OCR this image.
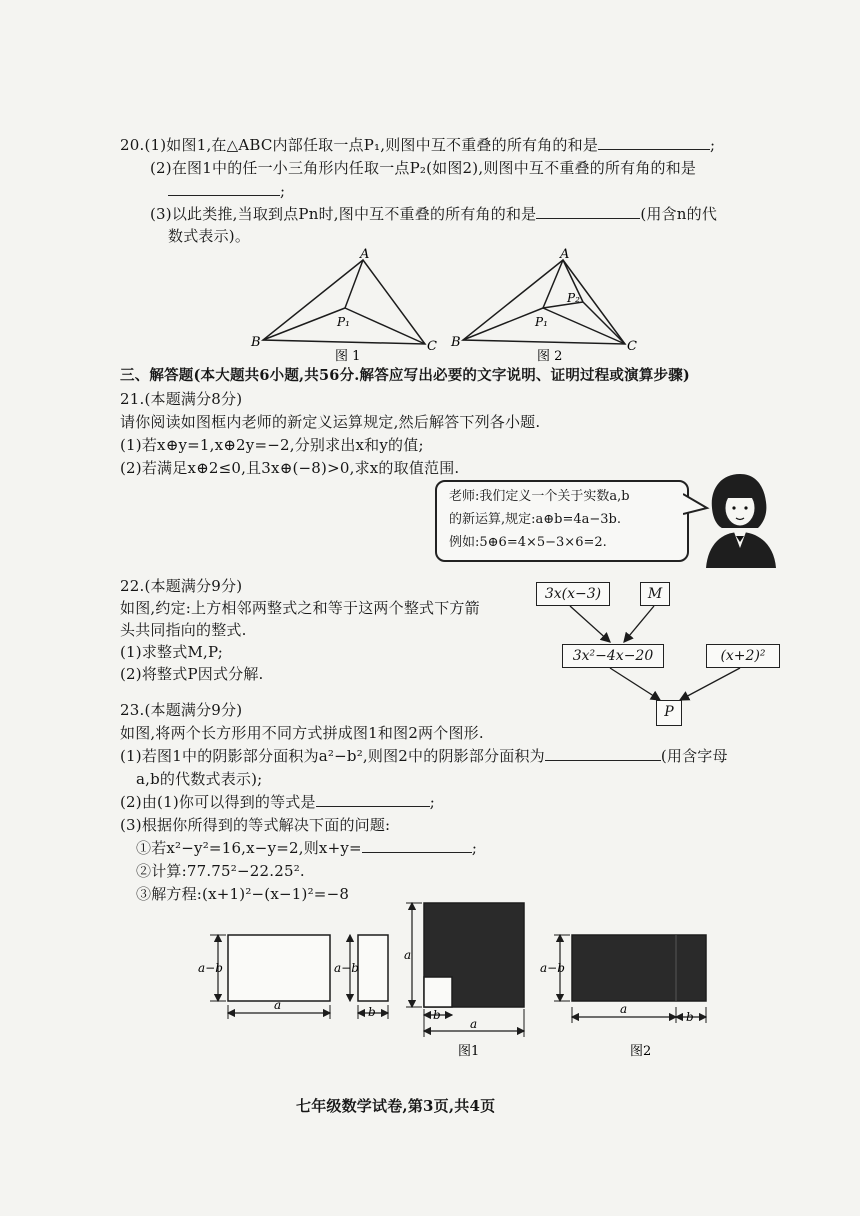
20.(1)如图1,在△ABC内部任取一点P₁,则图中互不重叠的所有角的和是	;
(2)在图1中的任一小三角形内任取一点P₂(如图2),则图中互不重叠的所有角的和是
;
(3)以此类推,当取到点Pn时,图中互不重叠的所有角的和是	(用含n的代
数式表示)。
A
B	C
P₁
图 1
A
B	C
P₁
P₂
图 2
三、解答题(本大题共6小题,共56分.解答应写出必要的文字说明、证明过程或演算步骤)
21.(本题满分8分)
请你阅读如图框内老师的新定义运算规定,然后解答下列各小题.
(1)若x⊕y=1,x⊕2y=−2,分别求出x和y的值;
(2)若满足x⊕2≤0,且3x⊕(−8)>0,求x的取值范围.
老师:我们定义一个关于实数a,b
的新运算,规定:a⊕b=4a−3b.
例如:5⊕6=4×5−3×6=2.
22.(本题满分9分)
如图,约定:上方相邻两整式之和等于这两个整式下方箭
头共同指向的整式.
(1)求整式M,P;
(2)将整式P因式分解.
3x(x−3)	M
3x²−4x−20	(x+2)²
P
23.(本题满分9分)
如图,将两个长方形用不同方式拼成图1和图2两个图形.
(1)若图1中的阴影部分面积为a²−b²,则图2中的阴影部分面积为	(用含字母
a,b的代数式表示);
(2)由(1)你可以得到的等式是	;
(3)根据你所得到的等式解决下面的问题:
①若x²−y²=16,x−y=2,则x+y=	;
②计算:77.75²−22.25².
③解方程:(x+1)²−(x−1)²=−8
a−b
a
a−b
b
a
b
a
图1
a−b
a
b
图2
七年级数学试卷,第3页,共4页
